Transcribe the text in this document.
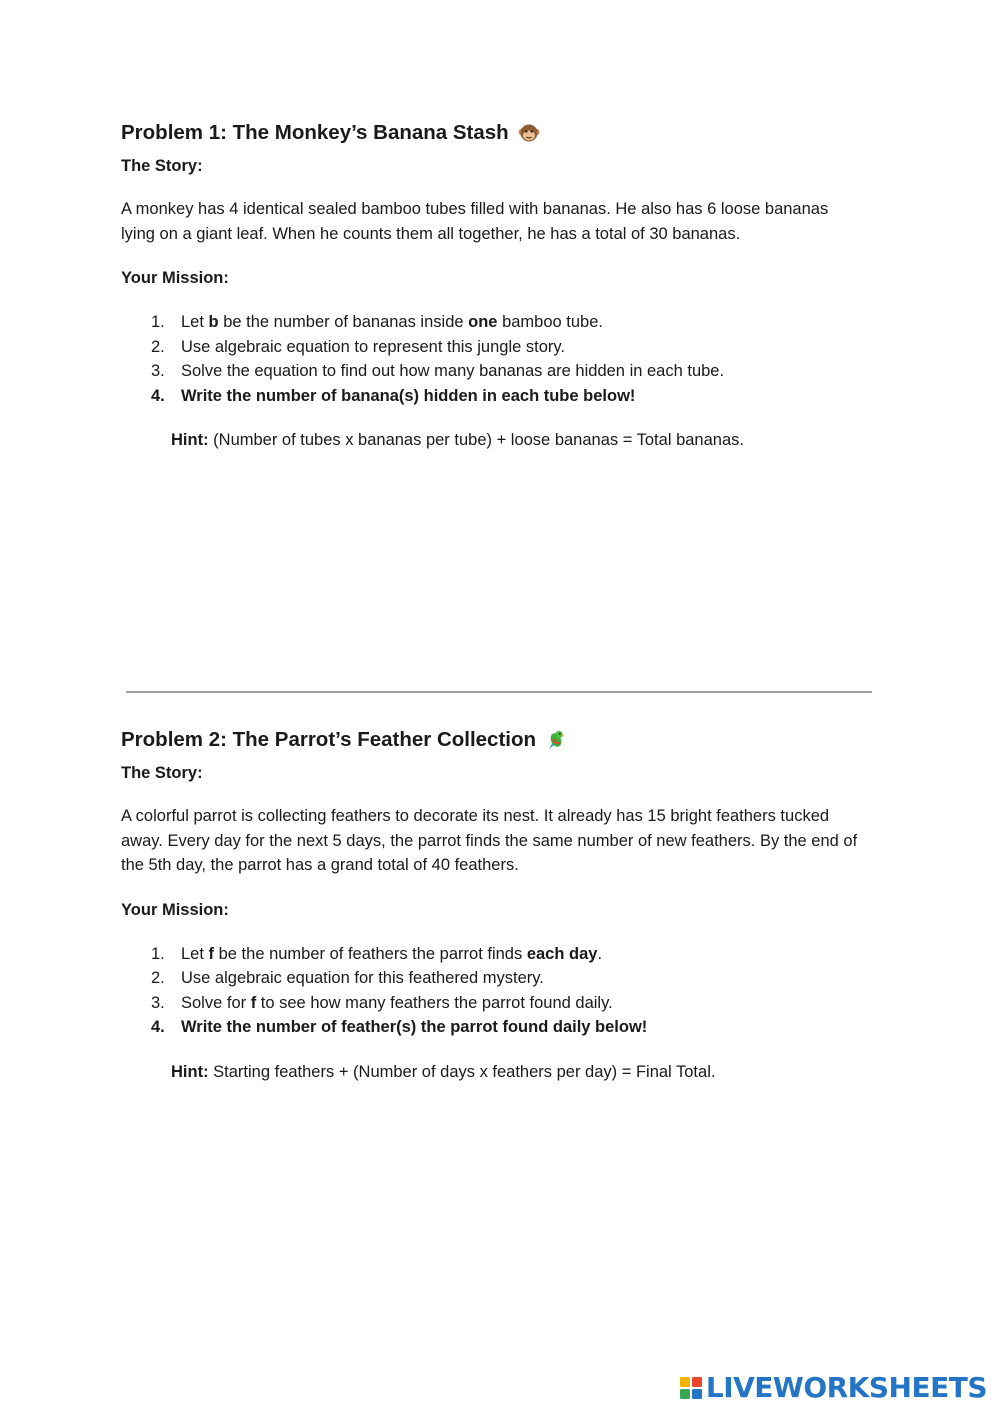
Problem 1: The Monkey’s Banana Stash
The Story:

A monkey has 4 identical sealed bamboo tubes filled with bananas. He also has 6 loose bananas lying on a giant leaf. When he counts them all together, he has a total of 30 bananas.

Your Mission:
1. Let b be the number of bananas inside one bamboo tube.
2. Use algebraic equation to represent this jungle story.
3. Solve the equation to find out how many bananas are hidden in each tube.
4. Write the number of banana(s) hidden in each tube below!
Hint: (Number of tubes x bananas per tube) + loose bananas = Total bananas.
Problem 2: The Parrot’s Feather Collection
The Story:

A colorful parrot is collecting feathers to decorate its nest. It already has 15 bright feathers tucked away. Every day for the next 5 days, the parrot finds the same number of new feathers. By the end of the 5th day, the parrot has a grand total of 40 feathers.

Your Mission:
1. Let f be the number of feathers the parrot finds each day.
2. Use algebraic equation for this feathered mystery.
3. Solve for f to see how many feathers the parrot found daily.
4. Write the number of feather(s) the parrot found daily below!
Hint: Starting feathers + (Number of days x feathers per day) = Final Total.
LIVEWORKSHEETS
